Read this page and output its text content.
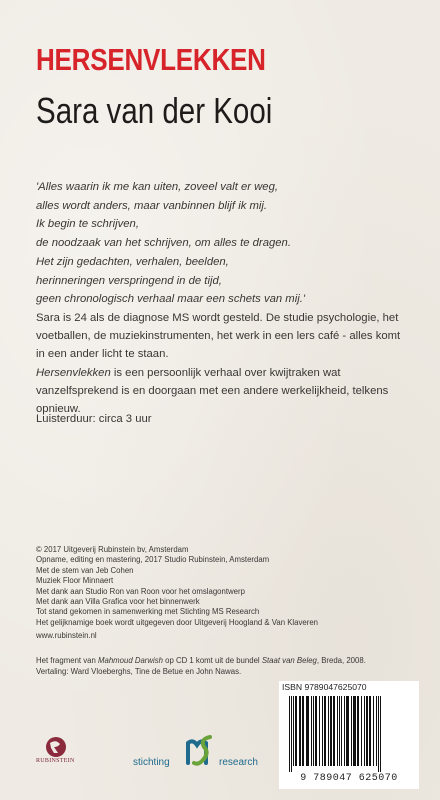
HERSENVLEKKEN
Sara van der Kooi
'Alles waarin ik me kan uiten, zoveel valt er weg,
alles wordt anders, maar vanbinnen blijf ik mij.
Ik begin te schrijven,
de noodzaak van het schrijven, om alles te dragen.
Het zijn gedachten, verhalen, beelden,
herinneringen verspringend in de tijd,
geen chronologisch verhaal maar een schets van mij.'

Sara is 24 als de diagnose MS wordt gesteld. De studie psychologie, het voetballen, de muziekinstrumenten, het werk in een lers café - alles komt in een ander licht te staan.

Hersenvlekken is een persoonlijk verhaal over kwijtraken wat vanzelfsprekend is en doorgaan met een andere werkelijkheid, telkens opnieuw.

Luisterduur: circa 3 uur

© 2017 Uitgeverij Rubinstein bv, Amsterdam
Opname, editing en mastering, 2017 Studio Rubinstein, Amsterdam
Met de stem van Jeb Cohen
Muziek Floor Minnaert
Met dank aan Studio Ron van Roon voor het omslagontwerp
Met dank aan Villa Grafica voor het binnenwerk
Tot stand gekomen in samenwerking met Stichting MS Research
Het gelijknamige boek wordt uitgegeven door Uitgeverij Hoogland & Van Klaveren
www.rubinstein.nl
Het fragment van Mahmoud Darwish op CD 1 komt uit de bundel Staat van Beleg, Breda, 2008.
Vertaling: Ward Vloeberghs, Tine de Betue en John Nawas.
ISBN 9789047625070
9 789047 625070
RUBINSTEIN	stichting	research
